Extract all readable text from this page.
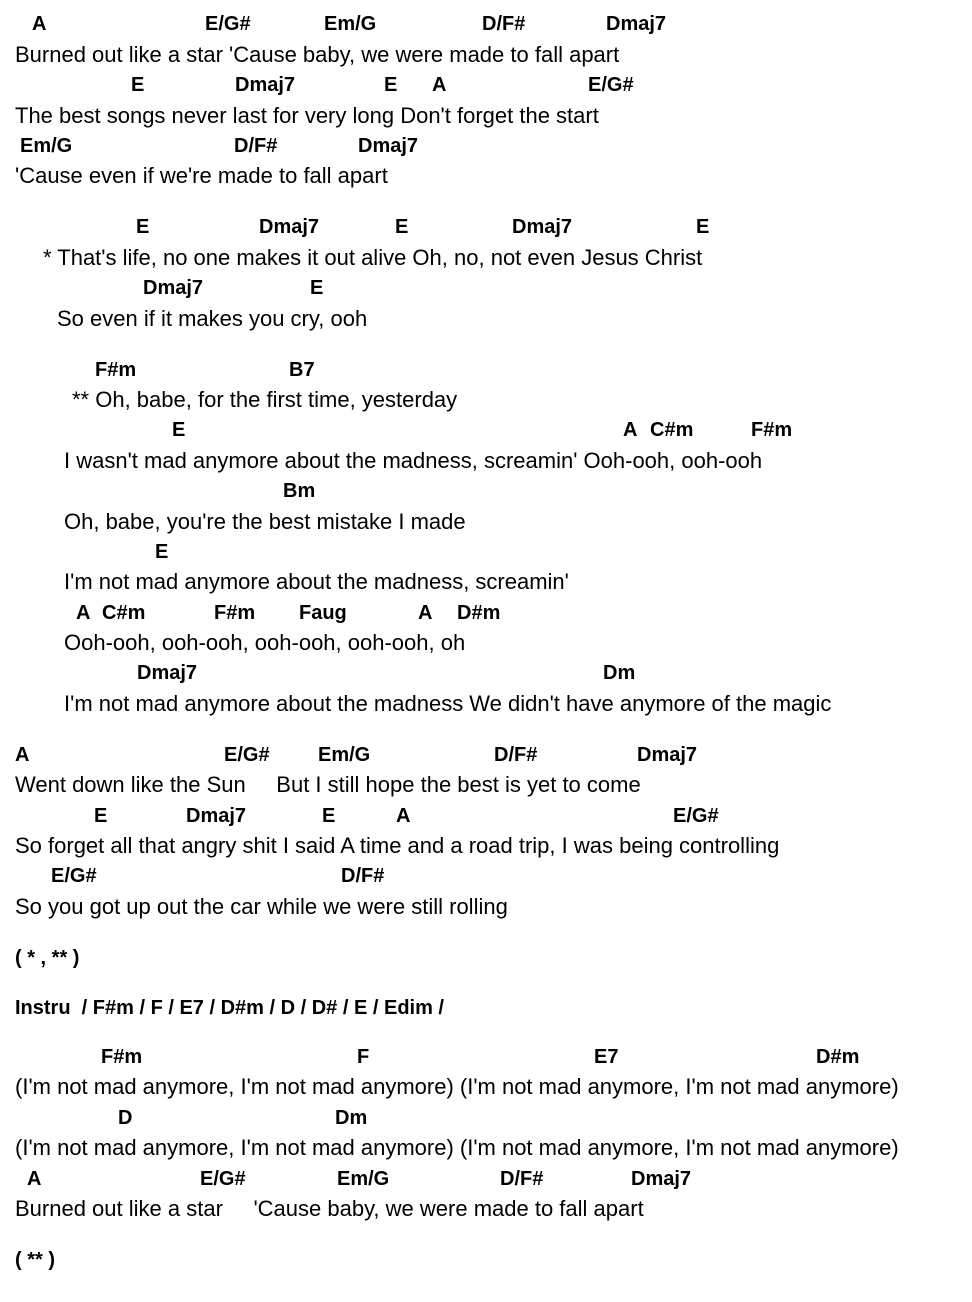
A	E/G#	Em/G	D/F#	Dmaj7
Burned out like a star 'Cause baby, we were made to fall apart
E	Dmaj7	E A	E/G#
The best songs never last for very long Don't forget the start
Em/G	D/F#	Dmaj7
'Cause even if we're made to fall apart
E	Dmaj7	E	Dmaj7	E
* That's life, no one makes it out alive Oh, no, not even Jesus Christ
Dmaj7	E
So even if it makes you cry, ooh
F#m	B7
** Oh, babe, for the first time, yesterday
E	A C#m	F#m
I wasn't mad anymore about the madness, screamin' Ooh-ooh, ooh-ooh
Bm
Oh, babe, you're the best mistake I made
E
I'm not mad anymore about the madness, screamin'
A C#m	F#m Faug	A D#m
Ooh-ooh, ooh-ooh, ooh-ooh, ooh-ooh, oh
Dmaj7	Dm
I'm not mad anymore about the madness We didn't have anymore of the magic
A	E/G# Em/G	D/F#	Dmaj7
Went down like the Sun     But I still hope the best is yet to come
E	Dmaj7	E	A	E/G#
So forget all that angry shit I said A time and a road trip, I was being controlling
E/G#	D/F#
So you got up out the car while we were still rolling
( * , ** )
Instru  / F#m / F / E7 / D#m / D / D# / E / Edim /
F#m	F	E7	D#m
(I'm not mad anymore, I'm not mad anymore) (I'm not mad anymore, I'm not mad anymore)
D	Dm
(I'm not mad anymore, I'm not mad anymore) (I'm not mad anymore, I'm not mad anymore)
A	E/G#	Em/G	D/F#	Dmaj7
Burned out like a star     'Cause baby, we were made to fall apart
( ** )
